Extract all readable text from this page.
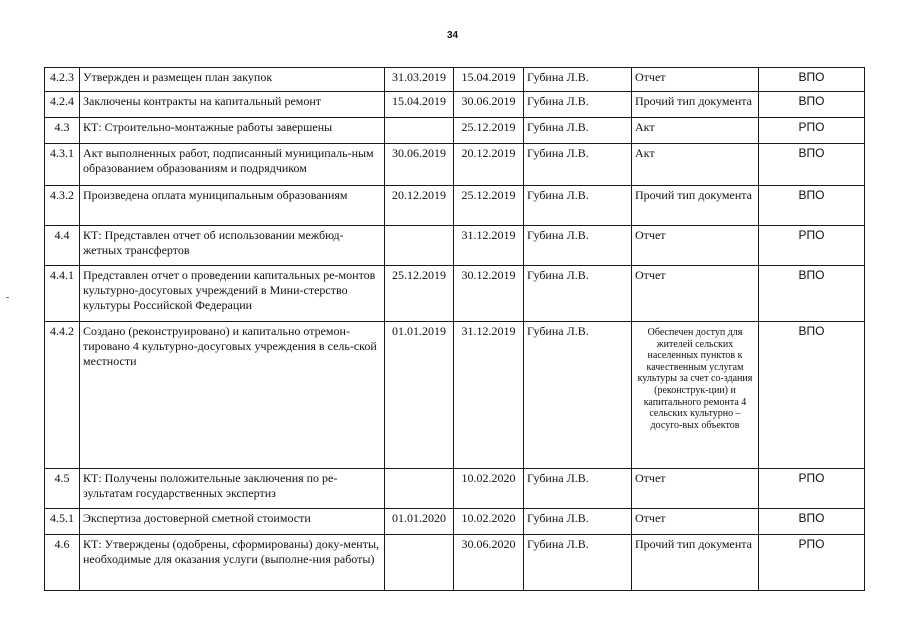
34
4.2.3	Утвержден и размещен план закупок	31.03.2019	15.04.2019	Губина Л.В.	Отчет	ВПО
4.2.4	Заключены контракты на капитальный ремонт	15.04.2019	30.06.2019	Губина Л.В.	Прочий тип документа	ВПО
4.3	КТ: Строительно-монтажные работы завершены		25.12.2019	Губина Л.В.	Акт	РПО
4.3.1	Акт выполненных работ, подписанный муниципаль-ным образованием образованиям и подрядчиком	30.06.2019	20.12.2019	Губина Л.В.	Акт	ВПО
4.3.2	Произведена оплата муниципальным образованиям	20.12.2019	25.12.2019	Губина Л.В.	Прочий тип документа	ВПО
4.4	КТ: Представлен отчет об использовании межбюд-жетных трансфертов		31.12.2019	Губина Л.В.	Отчет	РПО
4.4.1	Представлен отчет о проведении капитальных ре-монтов культурно-досуговых учреждений в Мини-стерство культуры Российской Федерации	25.12.2019	30.12.2019	Губина Л.В.	Отчет	ВПО
4.4.2	Создано (реконструировано) и капитально отремон-тировано 4 культурно-досуговых учреждения в сель-ской местности	01.01.2019	31.12.2019	Губина Л.В.	Обеспечен доступ для жителей сельских населенных пунктов к качественным услугам культуры за счет со-здания (реконструк-ции) и капитального ремонта 4 сельских культурно – досуго-вых объектов	ВПО
4.5	КТ: Получены положительные заключения по ре-зультатам государственных экспертиз		10.02.2020	Губина Л.В.	Отчет	РПО
4.5.1	Экспертиза достоверной сметной стоимости	01.01.2020	10.02.2020	Губина Л.В.	Отчет	ВПО
4.6	КТ: Утверждены (одобрены, сформированы) доку-менты, необходимые для оказания услуги (выполне-ния работы)		30.06.2020	Губина Л.В.	Прочий тип документа	РПО
